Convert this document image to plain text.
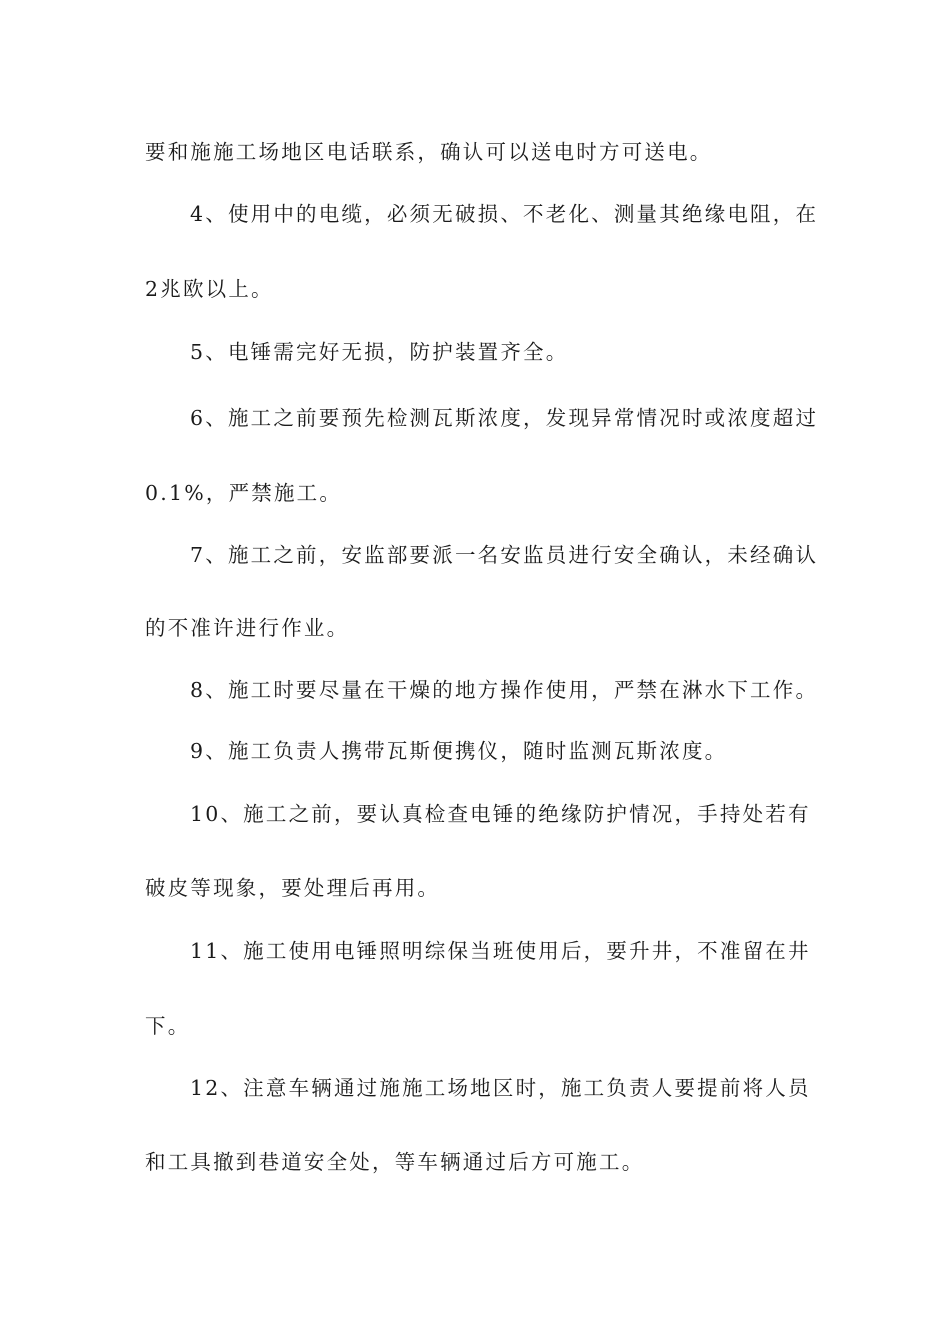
要和施施工场地区电话联系，确认可以送电时方可送电。
4、使用中的电缆，必须无破损、不老化、测量其绝缘电阻，在
2兆欧以上。
5、电锤需完好无损，防护装置齐全。
6、施工之前要预先检测瓦斯浓度，发现异常情况时或浓度超过
0.1%，严禁施工。
7、施工之前，安监部要派一名安监员进行安全确认，未经确认
的不准许进行作业。
8、施工时要尽量在干燥的地方操作使用，严禁在淋水下工作。
9、施工负责人携带瓦斯便携仪，随时监测瓦斯浓度。
10、施工之前，要认真检查电锤的绝缘防护情况，手持处若有
破皮等现象，要处理后再用。
11、施工使用电锤照明综保当班使用后，要升井，不准留在井
下。
12、注意车辆通过施施工场地区时，施工负责人要提前将人员
和工具撤到巷道安全处，等车辆通过后方可施工。
